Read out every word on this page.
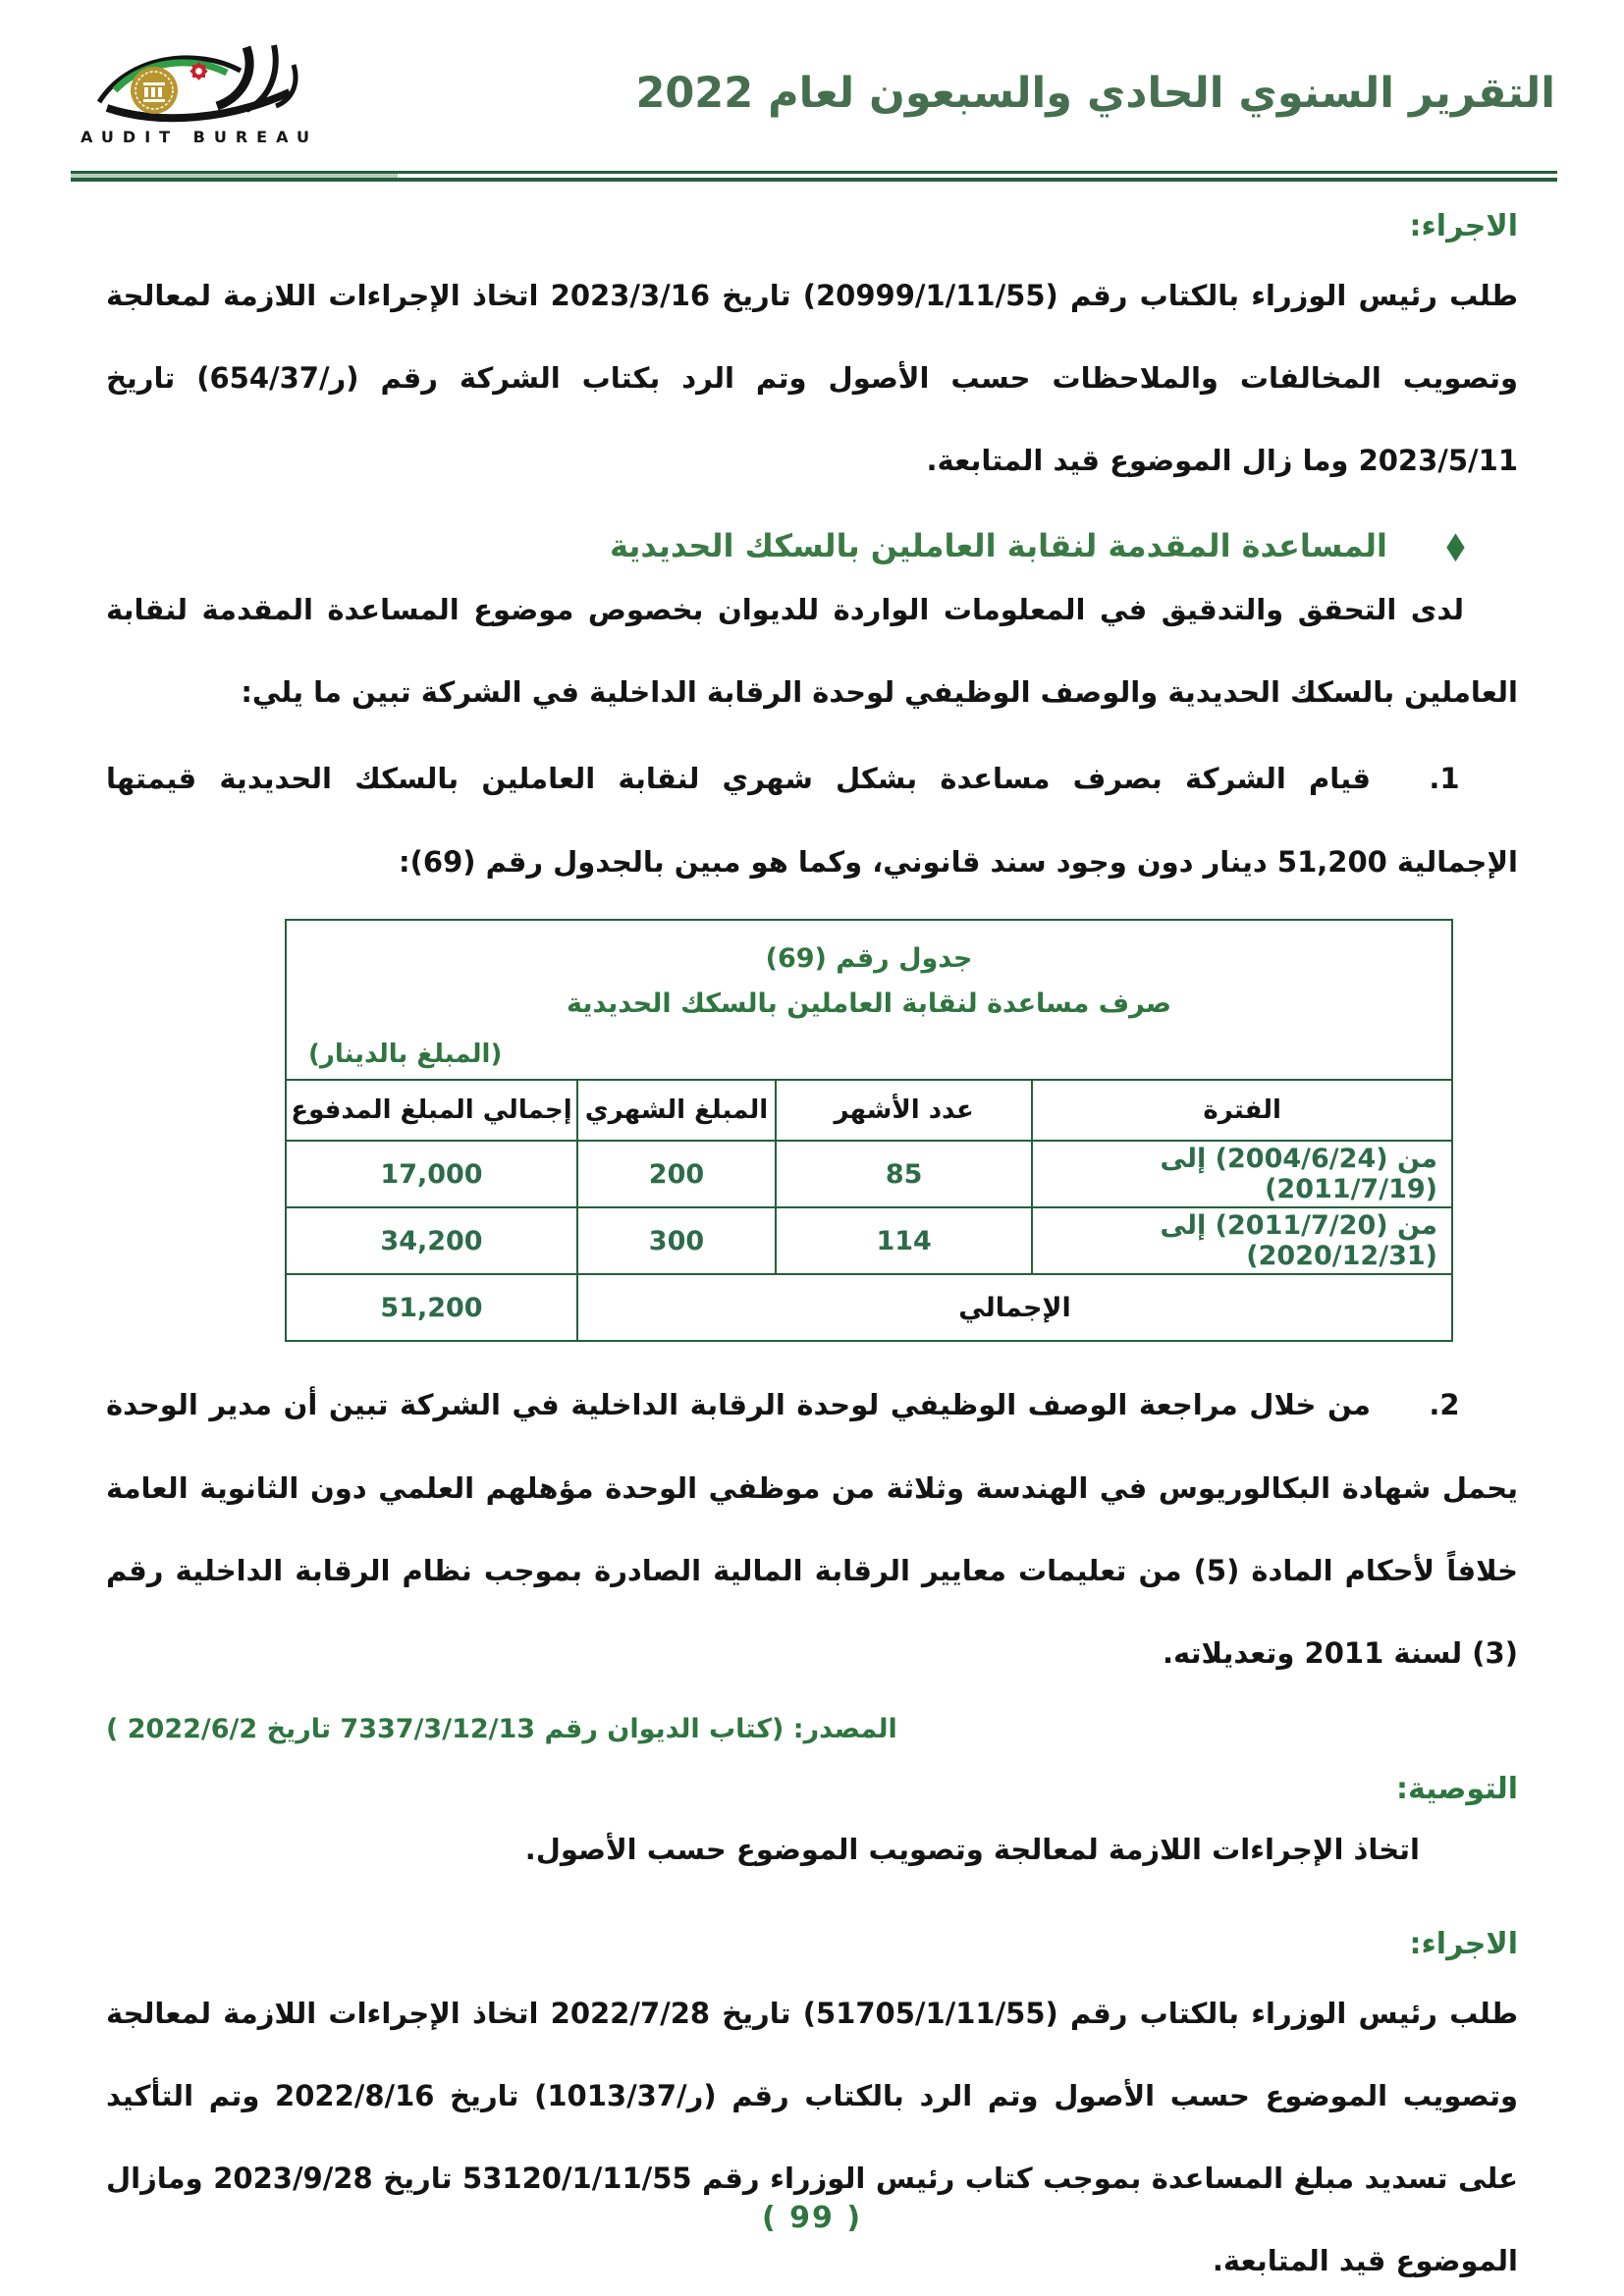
التقرير السنوي الحادي والسبعون لعام 2022
AUDIT BUREAU
الاجراء:

طلب رئيس الوزراء بالكتاب رقم (20999/1/11/55) تاريخ 2023/3/16 اتخاذ الإجراءات اللازمة لمعالجة وتصويب المخالفات والملاحظات حسب الأصول وتم الرد بكتاب الشركة رقم (ر/654/37) تاريخ 2023/5/11 وما زال الموضوع قيد المتابعة.

◆
المساعدة المقدمة لنقابة العاملين بالسكك الحديدية

لدى التحقق والتدقيق في المعلومات الواردة للديوان بخصوص موضوع المساعدة المقدمة لنقابة العاملين بالسكك الحديدية والوصف الوظيفي لوحدة الرقابة الداخلية في الشركة تبين ما يلي:

1.
قيام الشركة بصرف مساعدة بشكل شهري لنقابة العاملين بالسكك الحديدية قيمتها الإجمالية 51,200 دينار دون وجود سند قانوني، وكما هو مبين بالجدول رقم (69):
جدول رقم (69)
صرف مساعدة لنقابة العاملين بالسكك الحديدية
(المبلغ بالدينار)			

الفترة	عدد الأشهر	المبلغ الشهري	إجمالي المبلغ المدفوع
من (2004/6/24) إلى (2011/7/19)	85	200	17,000
من (2011/7/20) إلى (2020/12/31)	114	300	34,200
الإجمالي			51,200
2.
من خلال مراجعة الوصف الوظيفي لوحدة الرقابة الداخلية في الشركة تبين أن مدير الوحدة يحمل شهادة البكالوريوس في الهندسة وثلاثة من موظفي الوحدة مؤهلهم العلمي دون الثانوية العامة خلافاً لأحكام المادة (5) من تعليمات معايير الرقابة المالية الصادرة بموجب نظام الرقابة الداخلية رقم (3) لسنة 2011 وتعديلاته.
المصدر: (كتاب الديوان رقم 7337/3/12/13 تاريخ 2022/6/2 )
التوصية:

اتخاذ الإجراءات اللازمة لمعالجة وتصويب الموضوع حسب الأصول.

الاجراء:

طلب رئيس الوزراء بالكتاب رقم (51705/1/11/55) تاريخ 2022/7/28 اتخاذ الإجراءات اللازمة لمعالجة وتصويب الموضوع حسب الأصول وتم الرد بالكتاب رقم (ر/1013/37) تاريخ 2022/8/16 وتم التأكيد على تسديد مبلغ المساعدة بموجب كتاب رئيس الوزراء رقم 53120/1/11/55 تاريخ 2023/9/28 ومازال الموضوع قيد المتابعة.

( 99 )
